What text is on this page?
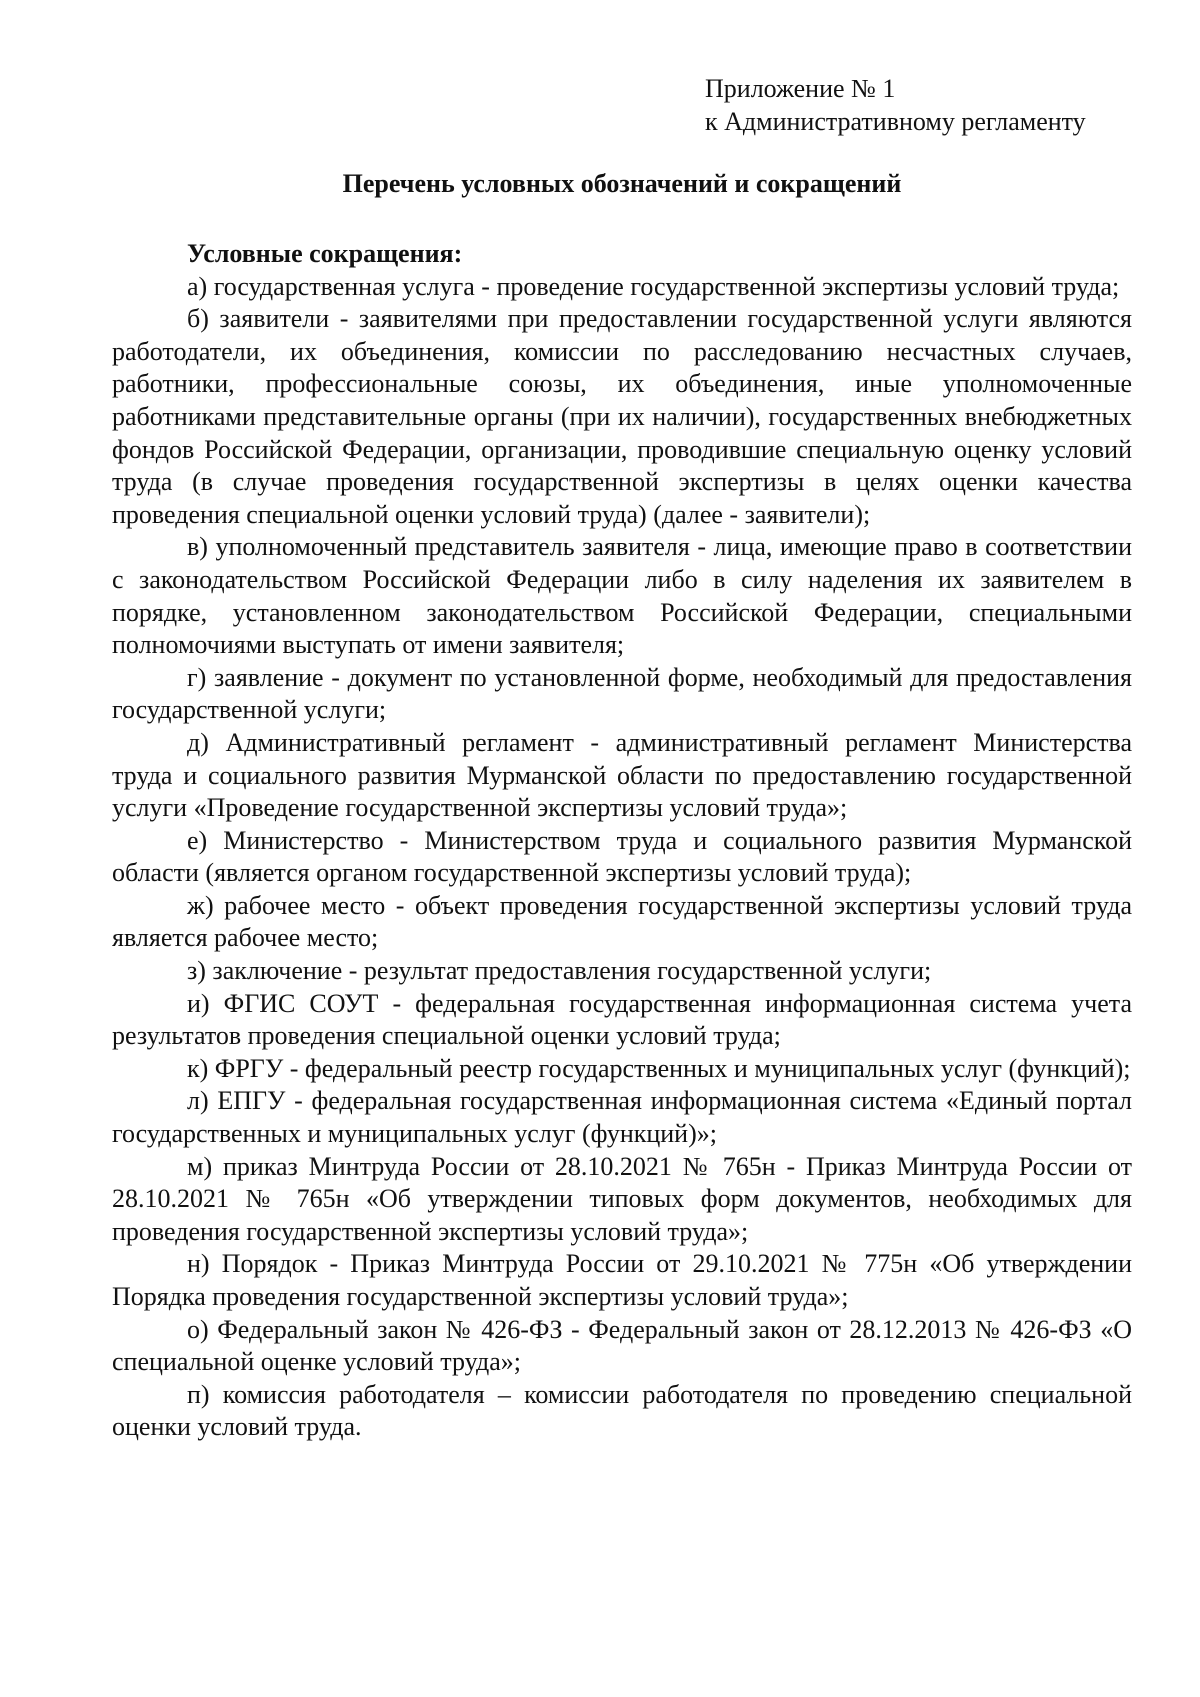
Приложение № 1
к Административному регламенту
Перечень условных обозначений и сокращений

Условные сокращения:

а) государственная услуга - проведение государственной экспертизы условий труда;

б) заявители - заявителями при предоставлении государственной услуги являются работодатели, их объединения, комиссии по расследованию несчастных случаев, работники, профессиональные союзы, их объединения, иные уполномоченные работниками представительные органы (при их наличии), государственных внебюджетных фондов Российской Федерации, организации, проводившие специальную оценку условий труда (в случае проведения государственной экспертизы в целях оценки качества проведения специальной оценки условий труда) (далее - заявители);

в) уполномоченный представитель заявителя - лица, имеющие право в соответствии с законодательством Российской Федерации либо в силу наделения их заявителем в порядке, установленном законодательством Российской Федерации, специальными полномочиями выступать от имени заявителя;

г) заявление - документ по установленной форме, необходимый для предоставления государственной услуги;

д) Административный регламент - административный регламент Министерства труда и социального развития Мурманской области по предоставлению государственной услуги «Проведение государственной экспертизы условий труда»;

е) Министерство - Министерством труда и социального развития Мурманской области (является органом государственной экспертизы условий труда);

ж) рабочее место - объект проведения государственной экспертизы условий труда является рабочее место;

з) заключение - результат предоставления государственной услуги;

и) ФГИС СОУТ - федеральная государственная информационная система учета результатов проведения специальной оценки условий труда;

к) ФРГУ - федеральный реестр государственных и муниципальных услуг (функций);

л) ЕПГУ - федеральная государственная информационная система «Единый портал государственных и муниципальных услуг (функций)»;

м) приказ Минтруда России от 28.10.2021 № 765н - Приказ Минтруда России от 28.10.2021 № 765н «Об утверждении типовых форм документов, необходимых для проведения государственной экспертизы условий труда»;

н) Порядок - Приказ Минтруда России от 29.10.2021 № 775н «Об утверждении Порядка проведения государственной экспертизы условий труда»;

о) Федеральный закон № 426-ФЗ - Федеральный закон от 28.12.2013 № 426-ФЗ «О специальной оценке условий труда»;

п) комиссия работодателя – комиссии работодателя по проведению специальной оценки условий труда.
